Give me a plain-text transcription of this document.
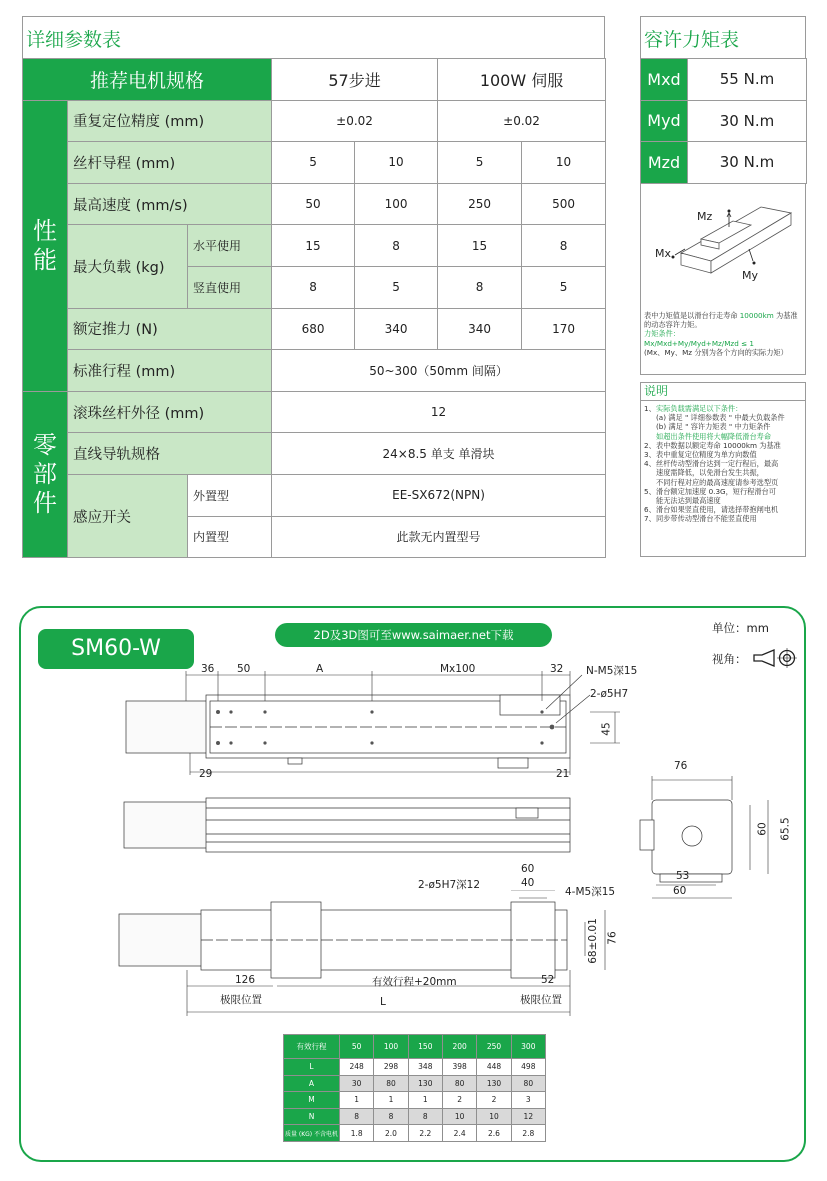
详细参数表
推荐电机规格			57步进		100W 伺服	
性能	重复定位精度 (mm)		±0.02		±0.02	
	丝杆导程 (mm)		5	10	5	10
	最高速度 (mm/s)		50	100	250	500
	最大负载 (kg)	水平使用	15	8	15	8
		竖直使用	8	5	8	5
	额定推力 (N)		680	340	340	170
	标准行程 (mm)		50~300（50mm 间隔）			
零部件	滚珠丝杆外径 (mm)		12			
	直线导轨规格		24×8.5 单支 单滑块			
	感应开关	外置型	EE-SX672(NPN)			
		内置型	此款无内置型号			
容许力矩表
Mxd	55 N.m
Myd	30 N.m
Mzd	30 N.m
Mz
Mx
My
表中力矩值是以滑台行走寿命 10000km 为基准的动态容许力矩。
力矩条件：
Mx/Mxd+My/Myd+Mz/Mzd ≤ 1
(Mx、My、Mz 分别为各个方向的实际力矩）
说明
1、 实际负载需满足以下条件：
(a) 满足 " 详细参数表 " 中最大负载条件
(b) 满足 " 容许力矩表 " 中力矩条件
如超出条件使用将大幅降低滑台寿命
2、 表中数据以额定寿命 10000km 为基准
3、 表中重复定位精度为单方向数值
4、 丝杆传动型滑台达到一定行程后，最高
速度需降低，以免滑台发生共振，
不同行程对应的最高速度请参考选型页
5、 滑台额定加速度 0.3G，短行程滑台可
能无法达到最高速度
6、 滑台如果竖直使用，请选择带抱闸电机
7、 同步带传动型滑台不能竖直使用
SM60-W
2D及3D图可至www.saimaer.net下载	单位：mm
视角：
36 50	A	Mx100	32 N-M5深15
2-ø5H7
45
29	21
76
60 65.5
53
60
60
40
2-ø5H7深12
4-M5深15
68±0.01 76
126	有效行程+20mm	52
极限位置	极限位置
L
有效行程	50	100	150	200	250	300
L	248	298	348	398	448	498
A	30	80	130	80	130	80
M	1	1	1	2	2	3
N	8	8	8	10	10	12
质量 (KG) 不含电机	1.8	2.0	2.2	2.4	2.6	2.8
